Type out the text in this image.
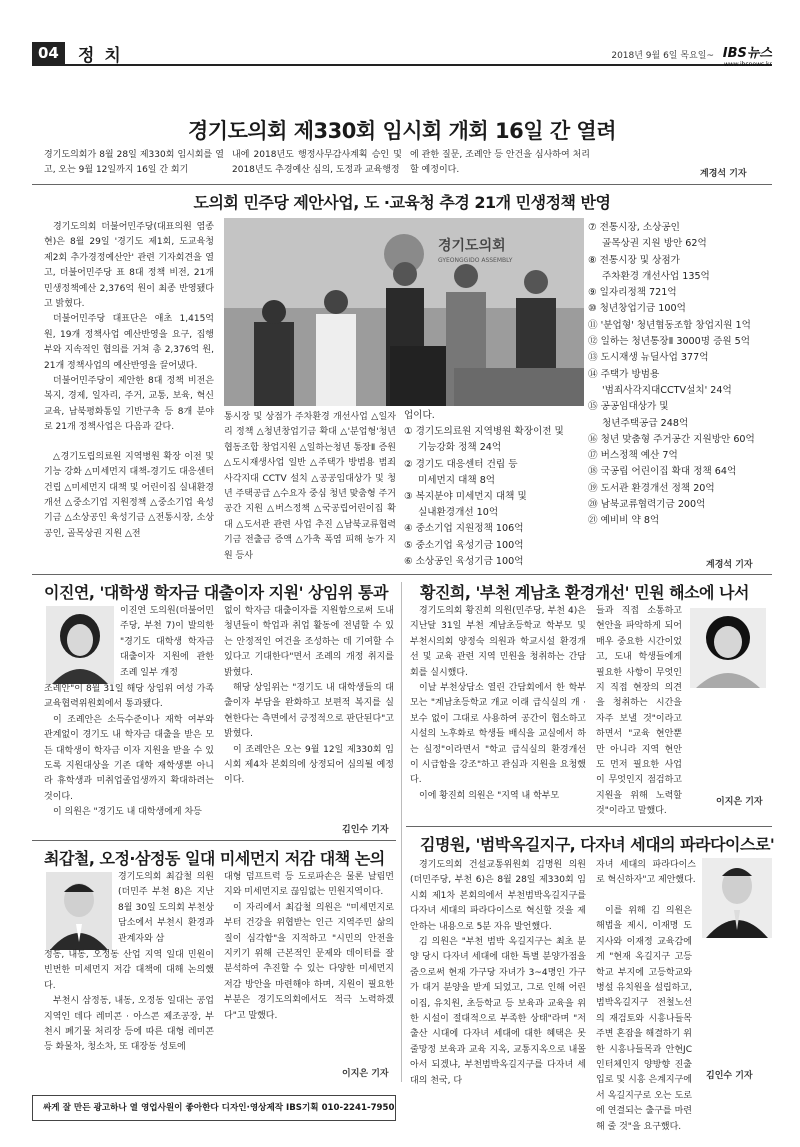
04	정 치	2018년 9월 6일 목요일~ IBS뉴스
www.ibsnews.kr
경기도의회 제330회 임시회 개회 16일 간 열려
경기도의회가 8월 28일 제330회 임시회를 열고, 오는 9월 12일까지 16일 간 회기
내에 2018년도 행정사무감사계획 승인 및 2018년도 추경예산 심의, 도정과 교육행정
에 관한 질문, 조례안 등 안건을 심사하여 처리할 예정이다.	계경석 기자
도의회 민주당 제안사업, 도 ·교육청 추경 21개 민생정책 반영

경기도의회 더불어민주당(대표의원 염종현)은 8월 29일 '경기도 제1회, 도교육청 제2회 추가경정예산안' 관련 기자회견을 열고, 더불어민주당 표 8대 정책 비전, 21개 민생정책예산 2,376억 원이 최종 반영됐다고 밝혔다.

더불어민주당 대표단은 애초 1,415억 원, 19개 정책사업 예산반영을 요구, 집행부와 지속적인 협의를 거쳐 총 2,376억 원, 21개 정책사업의 예산반영을 끌어냈다.

더불어민주당이 제안한 8대 정책 비전은 복지, 경제, 일자리, 주거, 교통, 보육, 혁신 교육, 남북평화통일 기반구축 등 8개 분야로 21개 정책사업은 다음과 같다.

△경기도립의료원 지역병원 확장 이전 및 기능 강화 △미세먼지 대책-경기도 대응센터 건립 △미세먼지 대책 및 어린이집 실내환경개선 △중소기업 지원정책 △중소기업 육성기금 △소상공인 육성기금 △전통시장, 소상공인, 골목상권 지원 △전

경기도의회
GYEONGGIDO ASSEMBLY

통시장 및 상점가 주차환경 개선사업 △일자리 정책 △청년창업기금 확대 △'분업형'청년협동조합 창업지원 △일하는청년 통장Ⅱ 증원 △도시재생사업 일반 △주택가 방범용 범죄사각지대 CCTV 설치 △공공임대상가 및 청년 주택공급 △수요자 중심 청년 맞춤형 주거공간 지원 △버스정책 △국공립어린이집 확대 △도서관 관련 사업 추진 △남북교류협력기금 전출금 증액 △가축 폭염 피해 농가 지원 등사

업이다.
① 경기도의료원 지역병원 확장이전 및
기능강화 정책 24억
② 경기도 대응센터 건립 등
미세먼지 대책 8억
③ 복지분야 미세먼지 대책 및
실내환경개선 10억
④ 중소기업 지원정책 106억
⑤ 중소기업 육성기금 100억
⑥ 소상공인 육성기금 100억
⑦ 전통시장, 소상공인
골목상권 지원 방안 62억
⑧ 전통시장 및 상점가
주차환경 개선사업 135억
⑨ 일자리정책 721억
⑩ 청년창업기금 100억
⑪ '분업형' 청년협동조합 창업지원 1억
⑫ 일하는 청년통장Ⅱ 3000명 증원 5억
⑬ 도시재생 뉴딜사업 377억
⑭ 주택가 방범용
'범죄사각지대CCTV설치' 24억
⑮ 공공임대상가 및
청년주택공급 248억
⑯ 청년 맞춤형 주거공간 지원방안 60억
⑰ 버스정책 예산 7억
⑱ 국공립 어린이집 확대 정책 64억
⑲ 도서관 환경개선 정책 20억
⑳ 남북교류협력기금 200억
㉑ 예비비 약 8억
계경석 기자
이진연, '대학생 학자금 대출이자 지원' 상임위 통과
이진연 도의원(더불어민주당, 부천 7)이 발의한 "경기도 대학생 학자금 대출이자 지원에 관한 조례 일부 개정

조례안"이 8월 31일 해당 상임위 여성 가족교육협력위원회에서 통과됐다.

이 조례안은 소득수준이나 재학 여부와 관계없이 경기도 내 학자금 대출을 받은 모든 대학생이 학자금 이자 지원을 받을 수 있도록 지원대상을 기존 대학 재학생뿐 아니라 휴학생과 미취업졸업생까지 확대하려는 것이다.

이 의원은 "경기도 내 대학생에게 차등

없이 학자금 대출이자를 지원함으로써 도내 청년들이 학업과 취업 활동에 전념할 수 있는 안정적인 여건을 조성하는 데 기여할 수 있다고 기대한다"면서 조례의 개정 취지를 밝혔다.

해당 상임위는 "경기도 내 대학생들의 대출이자 부담을 완화하고 보편적 복지를 실현한다는 측면에서 긍정적으로 판단된다"고 밝혔다.

이 조례안은 오는 9월 12일 제330회 임시회 제4차 본회의에 상정되어 심의될 예정이다.

김인수 기자
황진희, '부천 계남초 환경개선' 민원 해소에 나서

경기도의회 황진희 의원(민주당, 부천 4)은 지난달 31일 부천 계남초등학교 학부모 및 부천시의회 양정숙 의원과 학교시설 환경개선 및 교육 관련 지역 민원을 청취하는 간담회를 실시했다.

이날 부천상담소 열린 간담회에서 한 학부모는 "계남초등학교 개교 이래 급식실의 개 · 보수 없이 그대로 사용하여 공간이 협소하고 시설의 노후화로 학생들 배식을 교실에서 하는 실정"이라면서 "학교 급식실의 환경개선이 시급함을 강조"하고 관심과 지원을 요청했다.

이에 황진희 의원은 "지역 내 학부모

들과 직접 소통하고 현안을 파악하게 되어 매우 중요한 시간이었고, 도내 학생들에게 필요한 사항이 무엇인지 직접 현장의 의견을 청취하는 시간을 자주 보낼 것"이라고 하면서 "교육 현안뿐만 아니라 지역 현안도 먼저 필요한 사업이 무엇인지 점검하고 지원을 위해 노력할 것"이라고 말했다.
이지은 기자
최갑철, 오정·삼정동 일대 미세먼지 저감 대책 논의
경기도의회 최갑철 의원(더민주 부천 8)은 지난 8월 30일 도의회 부천상담소에서 부천시 환경과 관계자와 삼

정동, 내동, 오정동 산업 지역 일대 민원이 빈번한 미세먼지 저감 대책에 대해 논의했다.

부천시 삼정동, 내동, 오정동 일대는 공업지역인 데다 레미콘 · 아스콘 제조공장, 부천시 폐기물 처리장 등에 따른 대형 레미콘 등 화물차, 청소차, 또 대장동 성토에

대형 덤프트럭 등 도로파손은 물론 날림먼지와 미세먼지로 끊임없는 민원지역이다.

이 자리에서 최갑철 의원은 "미세먼지로부터 건강을 위협받는 인근 지역주민 삶의 질이 심각함"을 지적하고 "시민의 안전을 지키기 위해 근본적인 문제와 데이터를 잘 분석하여 추진할 수 있는 다양한 미세먼지 저감 방안을 마련해야 하며, 지원이 필요한 부분은 경기도의회에서도 적극 노력하겠다"고 말했다.

이지은 기자
김명원, '범박옥길지구, 다자녀 세대의 파라다이스로'

경기도의회 건설교통위원회 김명원 의원(더민주당, 부천 6)은 8월 28일 제330회 임시회 제1차 본회의에서 부천범박옥길지구를 다자녀 세대의 파라다이스로 혁신할 것을 제안하는 내용으로 5분 자유 발언했다.

김 의원은 "부천 범박 옥길지구는 최초 분양 당시 다자녀 세대에 대한 특별 분양가점을 줌으로써 현재 가구당 자녀가 3~4명인 가구가 대거 분양을 받게 되었고, 그로 인해 어린이집, 유치원, 초등학교 등 보육과 교육을 위한 시설이 절대적으로 부족한 상태"라며 "저출산 시대에 다자녀 세대에 대한 혜택은 못 줄망정 보육과 교육 지옥, 교통지옥으로 내몰아서 되겠냐, 부천범박옥길지구를 다자녀 세대의 천국, 다

자녀 세대의 파라다이스로 혁신하자"고 제안했다.

이를 위해 김 의원은 해법을 제시, 이재명 도지사와 이재정 교육감에게 "현재 옥길지구 고등학교 부지에 고등학교와 병설 유치원을 설립하고, 범박옥길지구 전철노선의 재검토와 시흥나들목 주변 혼잡을 해결하기 위한 시흥나들목과 안현JC 인터체인지 양방향 진출입로 및 시흥 은계지구에서 옥길지구로 오는 도로에 연결되는 출구를 마련해 줄 것"을 요구했다.

김인수 기자
싸게 잘 만든 광고하나 열 영업사원이 좋아한다 디자인·영상제작 IBS기획 010-2241-7950
